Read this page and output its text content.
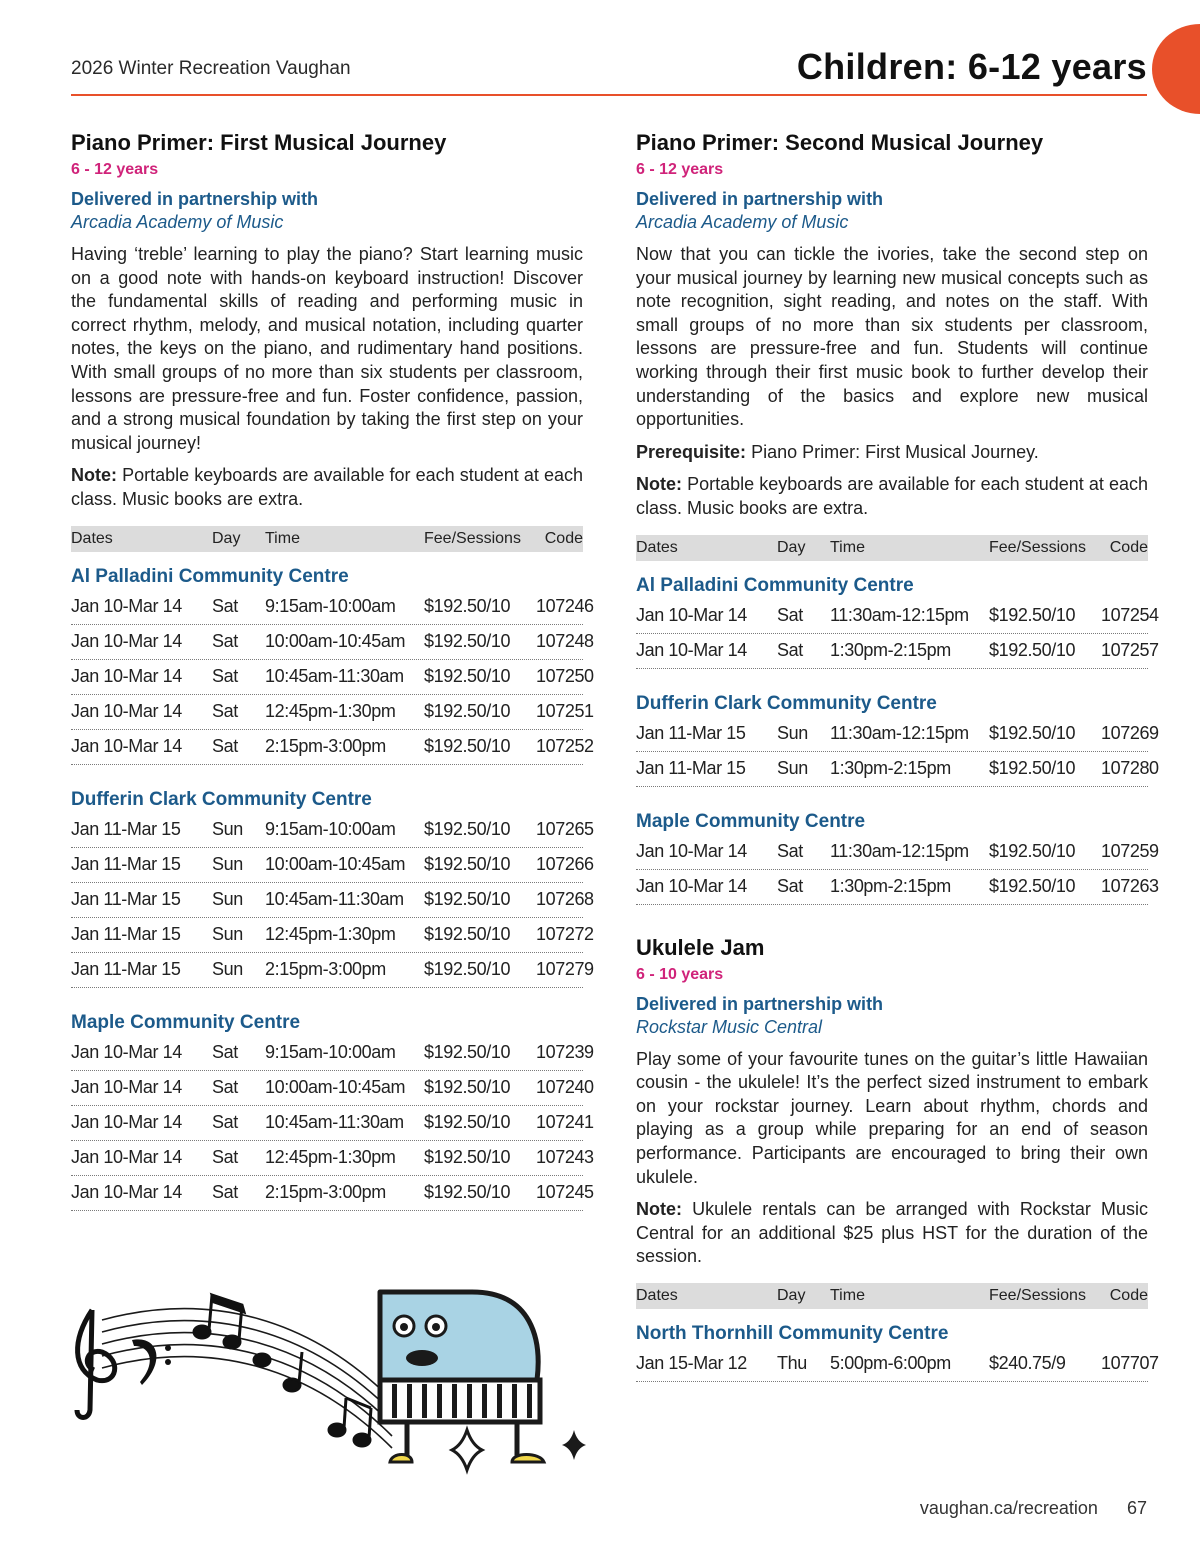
2026 Winter Recreation Vaughan	Children: 6-12 years
Piano Primer: First Musical Journey
6 - 12 years
Delivered in partnership with
Arcadia Academy of Music

Having ‘treble’ learning to play the piano? Start learning music on a good note with hands-on keyboard instruction! Discover the fundamental skills of reading and performing music in correct rhythm, melody, and musical notation, including quarter notes, the keys on the piano, and rudimentary hand positions. With small groups of no more than six students per classroom, lessons are pressure-free and fun. Foster confidence, passion, and a strong musical foundation by taking the first step on your musical journey!

Note: Portable keyboards are available for each student at each class. Music books are extra.

Dates	Day	Time	Fee/Sessions	Code
Al Palladini Community Centre
Jan 10-Mar 14	Sat	9:15am-10:00am	$192.50/10	107246
Jan 10-Mar 14	Sat	10:00am-10:45am	$192.50/10	107248
Jan 10-Mar 14	Sat	10:45am-11:30am	$192.50/10	107250
Jan 10-Mar 14	Sat	12:45pm-1:30pm	$192.50/10	107251
Jan 10-Mar 14	Sat	2:15pm-3:00pm	$192.50/10	107252
Dufferin Clark Community Centre
Jan 11-Mar 15	Sun	9:15am-10:00am	$192.50/10	107265
Jan 11-Mar 15	Sun	10:00am-10:45am	$192.50/10	107266
Jan 11-Mar 15	Sun	10:45am-11:30am	$192.50/10	107268
Jan 11-Mar 15	Sun	12:45pm-1:30pm	$192.50/10	107272
Jan 11-Mar 15	Sun	2:15pm-3:00pm	$192.50/10	107279
Maple Community Centre
Jan 10-Mar 14	Sat	9:15am-10:00am	$192.50/10	107239
Jan 10-Mar 14	Sat	10:00am-10:45am	$192.50/10	107240
Jan 10-Mar 14	Sat	10:45am-11:30am	$192.50/10	107241
Jan 10-Mar 14	Sat	12:45pm-1:30pm	$192.50/10	107243
Jan 10-Mar 14	Sat	2:15pm-3:00pm	$192.50/10	107245
Piano Primer: Second Musical Journey
6 - 12 years
Delivered in partnership with
Arcadia Academy of Music

Now that you can tickle the ivories, take the second step on your musical journey by learning new musical concepts such as note recognition, sight reading, and notes on the staff. With small groups of no more than six students per classroom, lessons are pressure-free and fun. Students will continue working through their first music book to further develop their understanding of the basics and explore new musical opportunities.

Prerequisite: Piano Primer: First Musical Journey.

Note: Portable keyboards are available for each student at each class. Music books are extra.

Dates	Day	Time	Fee/Sessions	Code
Al Palladini Community Centre
Jan 10-Mar 14	Sat	11:30am-12:15pm	$192.50/10	107254
Jan 10-Mar 14	Sat	1:30pm-2:15pm	$192.50/10	107257
Dufferin Clark Community Centre
Jan 11-Mar 15	Sun	11:30am-12:15pm	$192.50/10	107269
Jan 11-Mar 15	Sun	1:30pm-2:15pm	$192.50/10	107280
Maple Community Centre
Jan 10-Mar 14	Sat	11:30am-12:15pm	$192.50/10	107259
Jan 10-Mar 14	Sat	1:30pm-2:15pm	$192.50/10	107263
Ukulele Jam
6 - 10 years
Delivered in partnership with
Rockstar Music Central

Play some of your favourite tunes on the guitar’s little Hawaiian cousin - the ukulele! It’s the perfect sized instrument to embark on your rockstar journey. Learn about rhythm, chords and playing as a group while preparing for an end of season performance. Participants are encouraged to bring their own ukulele.

Note: Ukulele rentals can be arranged with Rockstar Music Central for an additional $25 plus HST for the duration of the session.

Dates	Day	Time	Fee/Sessions	Code
North Thornhill Community Centre
Jan 15-Mar 12	Thu	5:00pm-6:00pm	$240.75/9	107707
vaughan.ca/recreation 67
